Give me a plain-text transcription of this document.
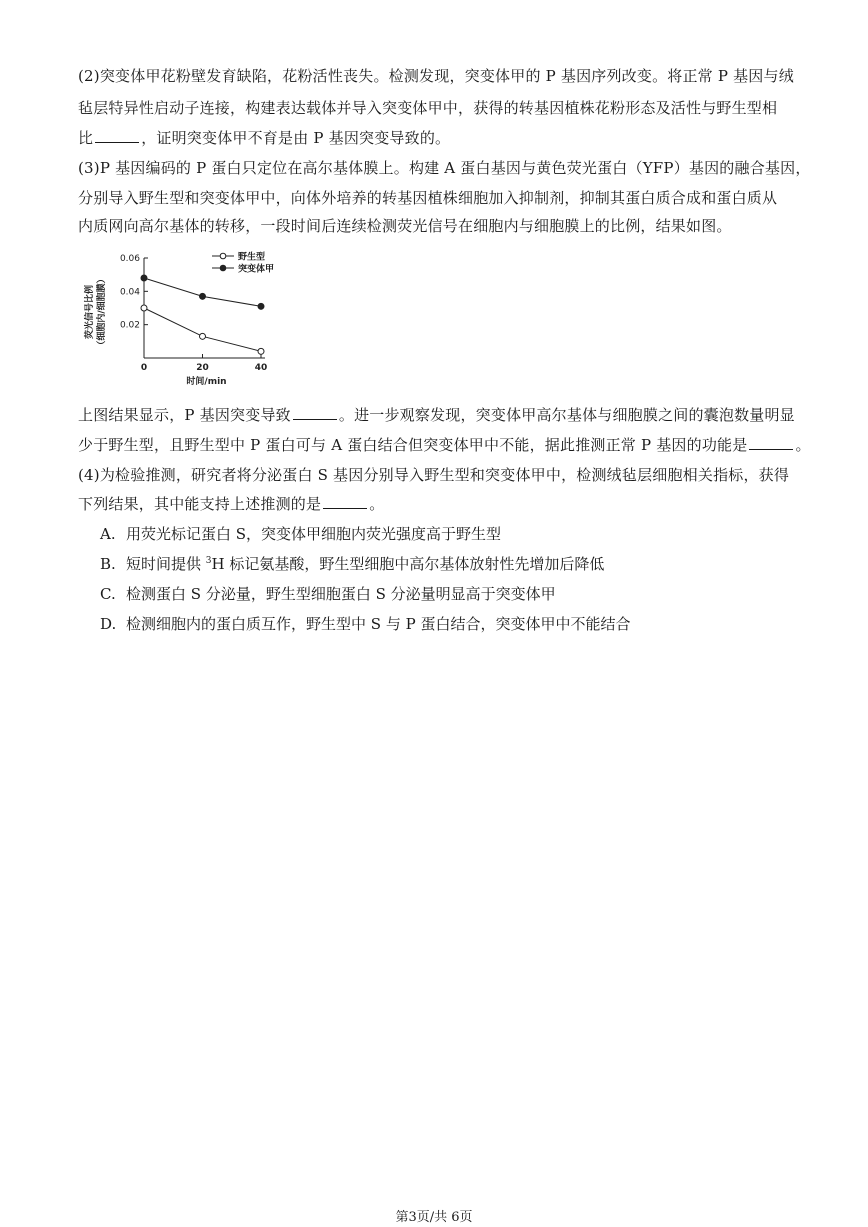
(2)突变体甲花粉壁发育缺陷，花粉活性丧失。检测发现，突变体甲的 P 基因序列改变。将正常 P 基因与绒
毡层特异性启动子连接，构建表达载体并导入突变体甲中，获得的转基因植株花粉形态及活性与野生型相
比	，证明突变体甲不育是由 P 基因突变导致的。
(3)P 基因编码的 P 蛋白只定位在高尔基体膜上。构建 A 蛋白基因与黄色荧光蛋白（YFP）基因的融合基因，
分别导入野生型和突变体甲中，向体外培养的转基因植株细胞加入抑制剂，抑制其蛋白质合成和蛋白质从
内质网向高尔基体的转移，一段时间后连续检测荧光信号在细胞内与细胞膜上的比例，结果如图。
0.02
0.04
0.06
0	20	40
时间/min
荧光信号比例 （细胞内/细胞膜）
野生型
突变体甲
上图结果显示，P 基因突变导致	。进一步观察发现，突变体甲高尔基体与细胞膜之间的囊泡数量明显
少于野生型，且野生型中 P 蛋白可与 A 蛋白结合但突变体甲中不能，据此推测正常 P 基因的功能是	。
(4)为检验推测，研究者将分泌蛋白 S 基因分别导入野生型和突变体甲中，检测绒毡层细胞相关指标，获得
下列结果，其中能支持上述推测的是	。
A. 用荧光标记蛋白 S，突变体甲细胞内荧光强度高于野生型
B. 短时间提供 $^3$H 标记氨基酸，野生型细胞中高尔基体放射性先增加后降低
C. 检测蛋白 S 分泌量，野生型细胞蛋白 S 分泌量明显高于突变体甲
D. 检测细胞内的蛋白质互作，野生型中 S 与 P 蛋白结合，突变体甲中不能结合
第3页/共 6页
